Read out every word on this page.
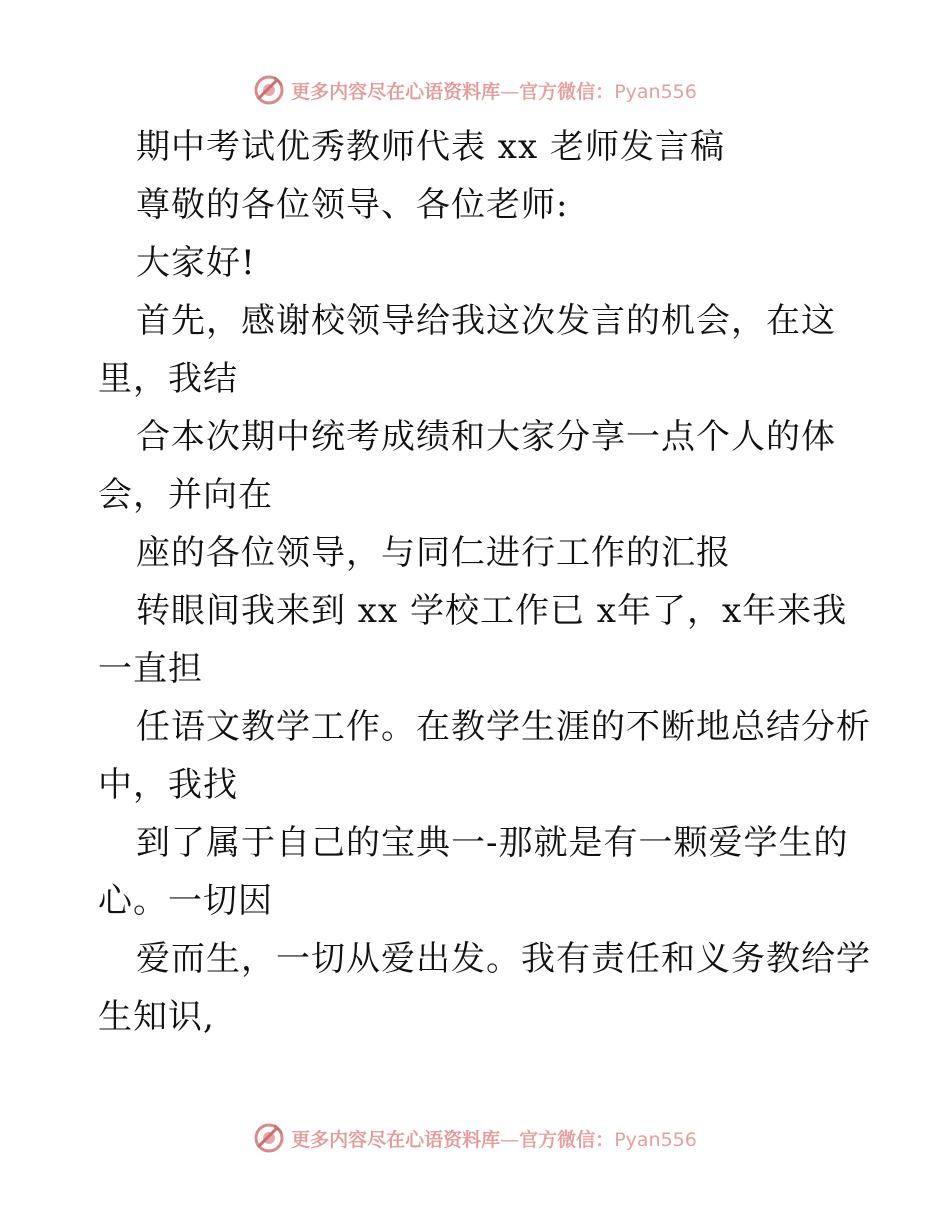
更多内容尽在心语资料库—官方微信：Pyan556
期中考试优秀教师代表 xx 老师发言稿
尊敬的各位领导、各位老师:
大家好!
首先，感谢校领导给我这次发言的机会，在这
里，我结
合本次期中统考成绩和大家分享一点个人的体
会，并向在
座的各位领导，与同仁进行工作的汇报
转眼间我来到 xx 学校工作已 x年了，x年来我
一直担
任语文教学工作。在教学生涯的不断地总结分析
中，我找
到了属于自己的宝典一-那就是有一颗爱学生的
心。一切因
爱而生，一切从爱出发。我有责任和义务教给学
生知识,
更多内容尽在心语资料库—官方微信：Pyan556
